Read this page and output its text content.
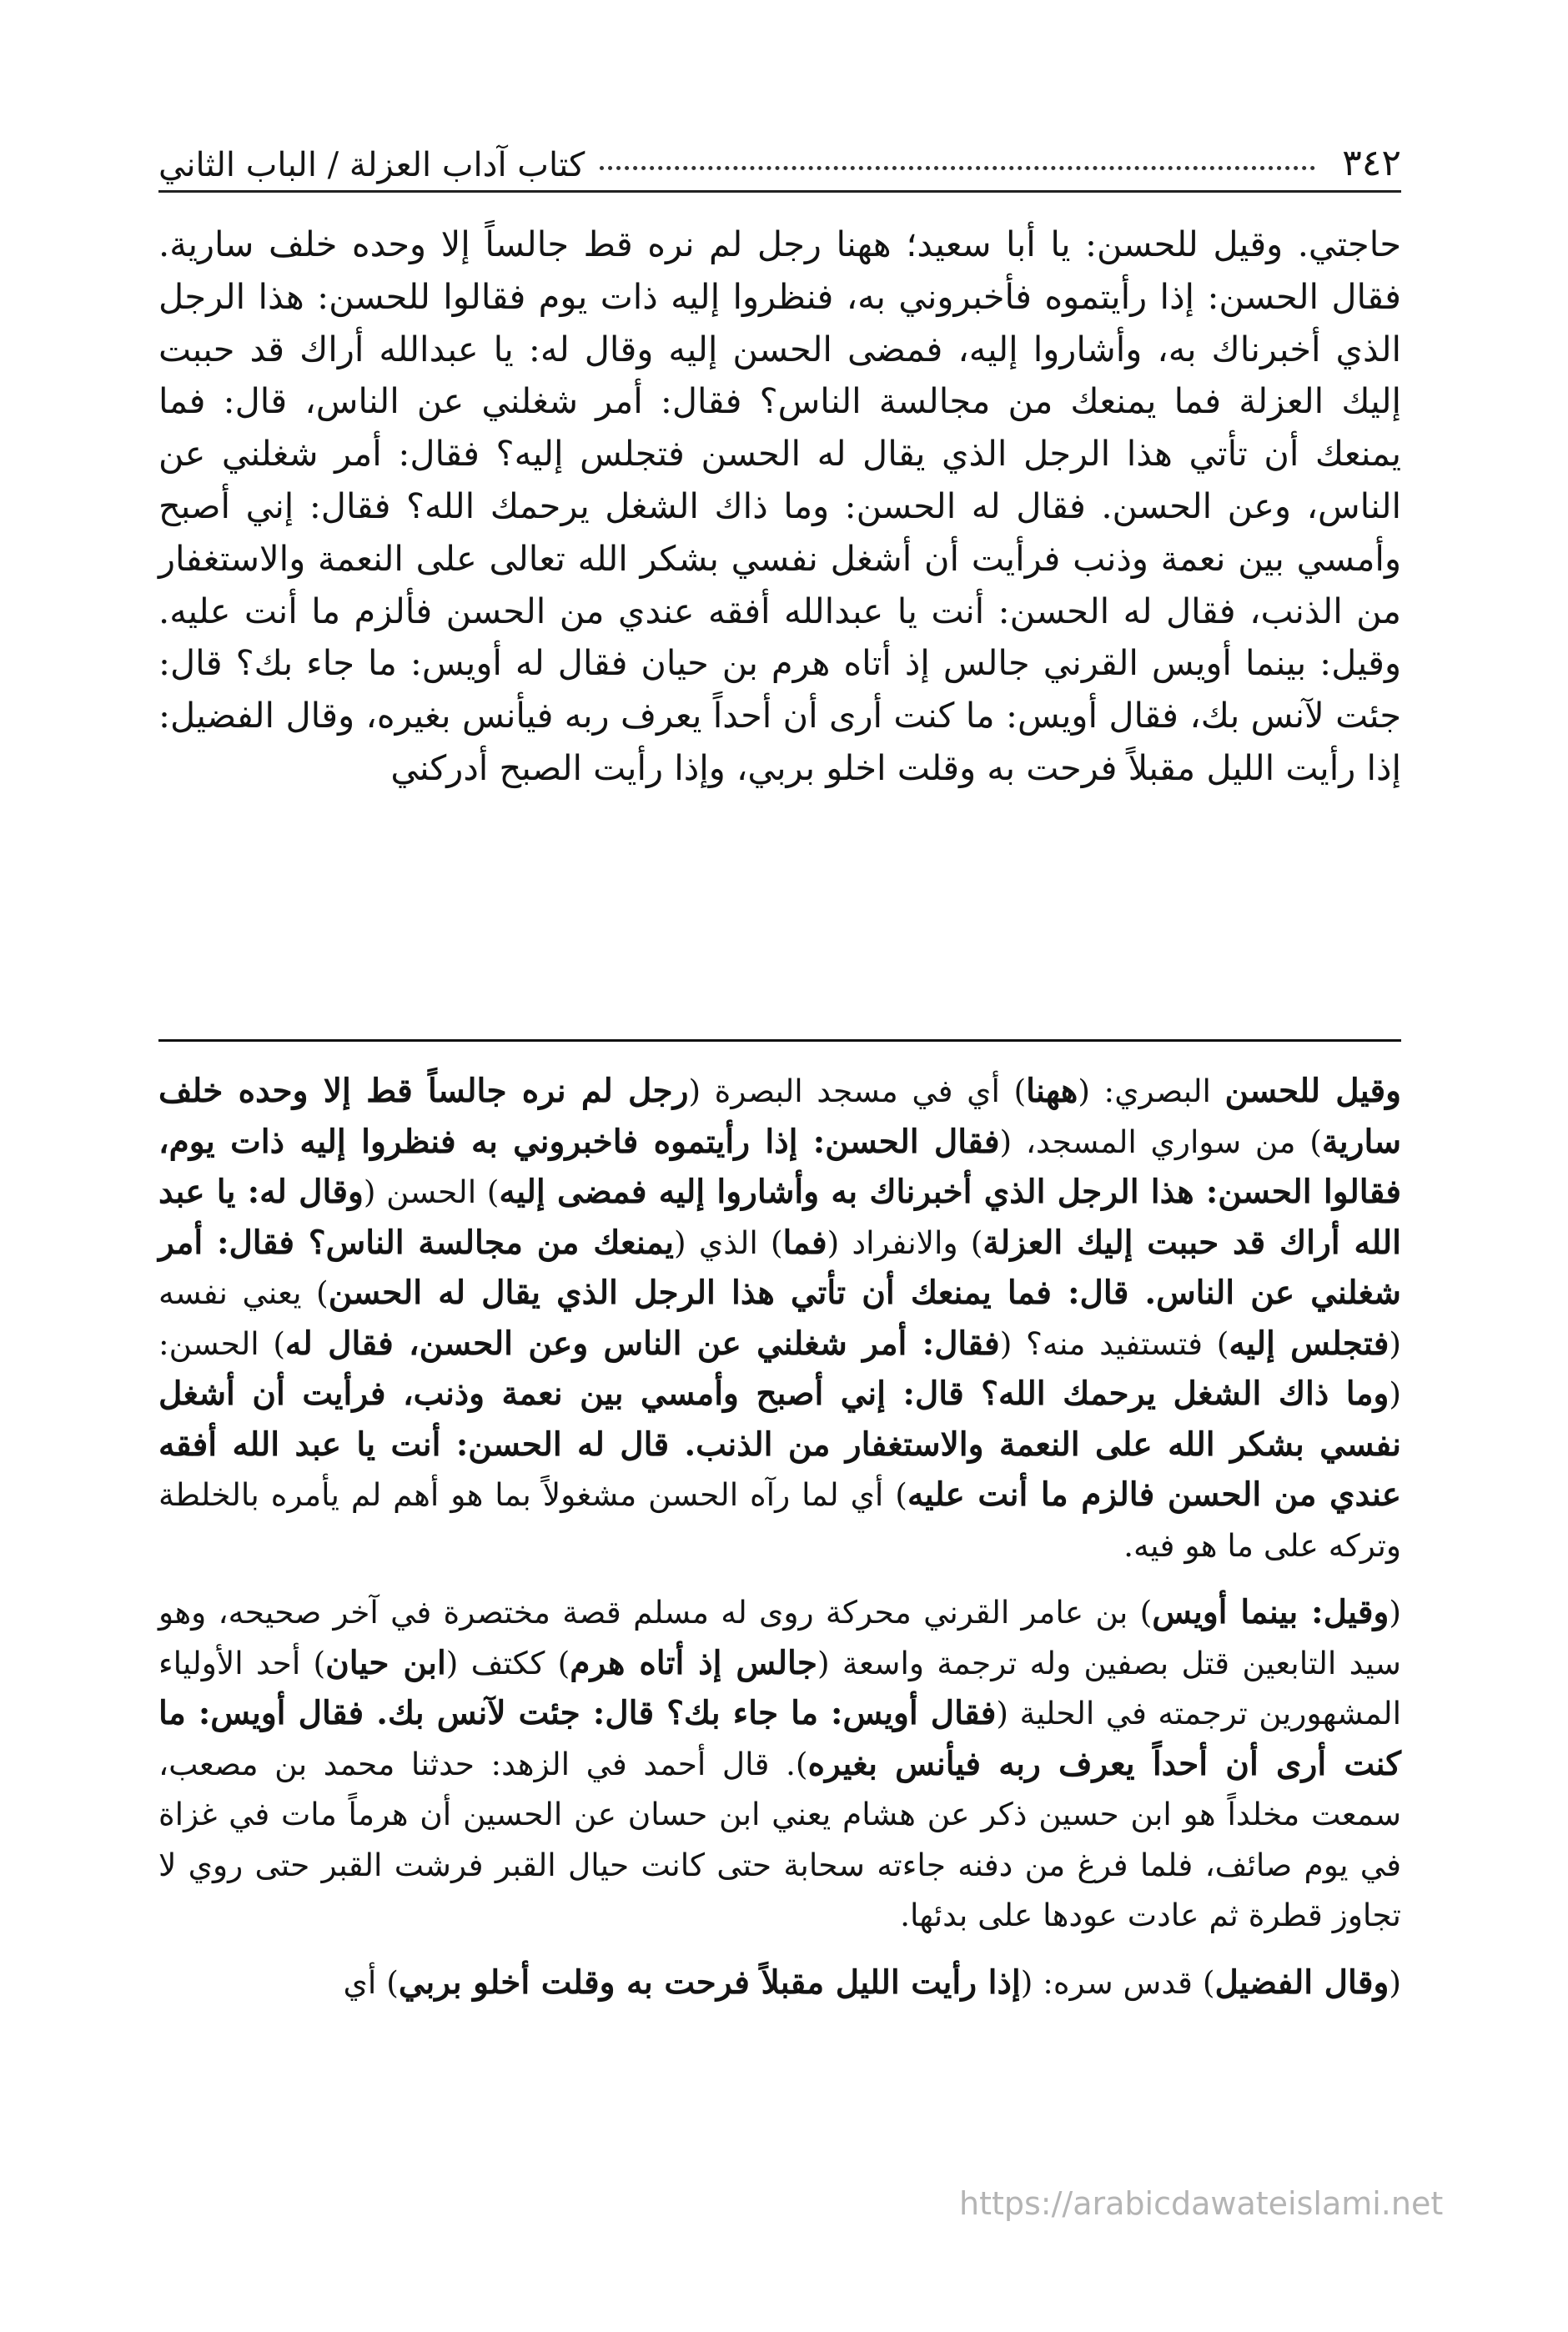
٣٤٢
كتاب آداب العزلة / الباب الثاني

حاجتي. وقيل للحسن: يا أبا سعيد؛ ههنا رجل لم نره قط جالساً إلا وحده خلف سارية. فقال الحسن: إذا رأيتموه فأخبروني به، فنظروا إليه ذات يوم فقالوا للحسن: هذا الرجل الذي أخبرناك به، وأشاروا إليه، فمضى الحسن إليه وقال له: يا عبدالله أراك قد حببت إليك العزلة فما يمنعك من مجالسة الناس؟ فقال: أمر شغلني عن الناس، قال: فما يمنعك أن تأتي هذا الرجل الذي يقال له الحسن فتجلس إليه؟ فقال: أمر شغلني عن الناس، وعن الحسن. فقال له الحسن: وما ذاك الشغل يرحمك الله؟ فقال: إني أصبح وأمسي بين نعمة وذنب فرأيت أن أشغل نفسي بشكر الله تعالى على النعمة والاستغفار من الذنب، فقال له الحسن: أنت يا عبدالله أفقه عندي من الحسن فألزم ما أنت عليه. وقيل: بينما أويس القرني جالس إذ أتاه هرم بن حيان فقال له أويس: ما جاء بك؟ قال: جئت لآنس بك، فقال أويس: ما كنت أرى أن أحداً يعرف ربه فيأنس بغيره، وقال الفضيل: إذا رأيت الليل مقبلاً فرحت به وقلت اخلو بربي، وإذا رأيت الصبح أدركني

وقيل للحسن البصري: (ههنا) أي في مسجد البصرة (رجل لم نره جالساً قط إلا وحده خلف سارية) من سواري المسجد، (فقال الحسن: إذا رأيتموه فاخبروني به فنظروا إليه ذات يوم، فقالوا الحسن: هذا الرجل الذي أخبرناك به وأشاروا إليه فمضى إليه) الحسن (وقال له: يا عبد الله أراك قد حببت إليك العزلة) والانفراد (فما) الذي (يمنعك من مجالسة الناس؟ فقال: أمر شغلني عن الناس. قال: فما يمنعك أن تأتي هذا الرجل الذي يقال له الحسن) يعني نفسه (فتجلس إليه) فتستفيد منه؟ (فقال: أمر شغلني عن الناس وعن الحسن، فقال له) الحسن: (وما ذاك الشغل يرحمك الله؟ قال: إني أصبح وأمسي بين نعمة وذنب، فرأيت أن أشغل نفسي بشكر الله على النعمة والاستغفار من الذنب. قال له الحسن: أنت يا عبد الله أفقه عندي من الحسن فالزم ما أنت عليه) أي لما رآه الحسن مشغولاً بما هو أهم لم يأمره بالخلطة وتركه على ما هو فيه.

(وقيل: بينما أويس) بن عامر القرني محركة روى له مسلم قصة مختصرة في آخر صحيحه، وهو سيد التابعين قتل بصفين وله ترجمة واسعة (جالس إذ أتاه هرم) ككتف (ابن حيان) أحد الأولياء المشهورين ترجمته في الحلية (فقال أويس: ما جاء بك؟ قال: جئت لآنس بك. فقال أويس: ما كنت أرى أن أحداً يعرف ربه فيأنس بغيره). قال أحمد في الزهد: حدثنا محمد بن مصعب، سمعت مخلداً هو ابن حسين ذكر عن هشام يعني ابن حسان عن الحسين أن هرماً مات في غزاة في يوم صائف، فلما فرغ من دفنه جاءته سحابة حتى كانت حيال القبر فرشت القبر حتى روي لا تجاوز قطرة ثم عادت عودها على بدئها.

(وقال الفضيل) قدس سره: (إذا رأيت الليل مقبلاً فرحت به وقلت أخلو بربي) أي

https://arabicdawateislami.net
